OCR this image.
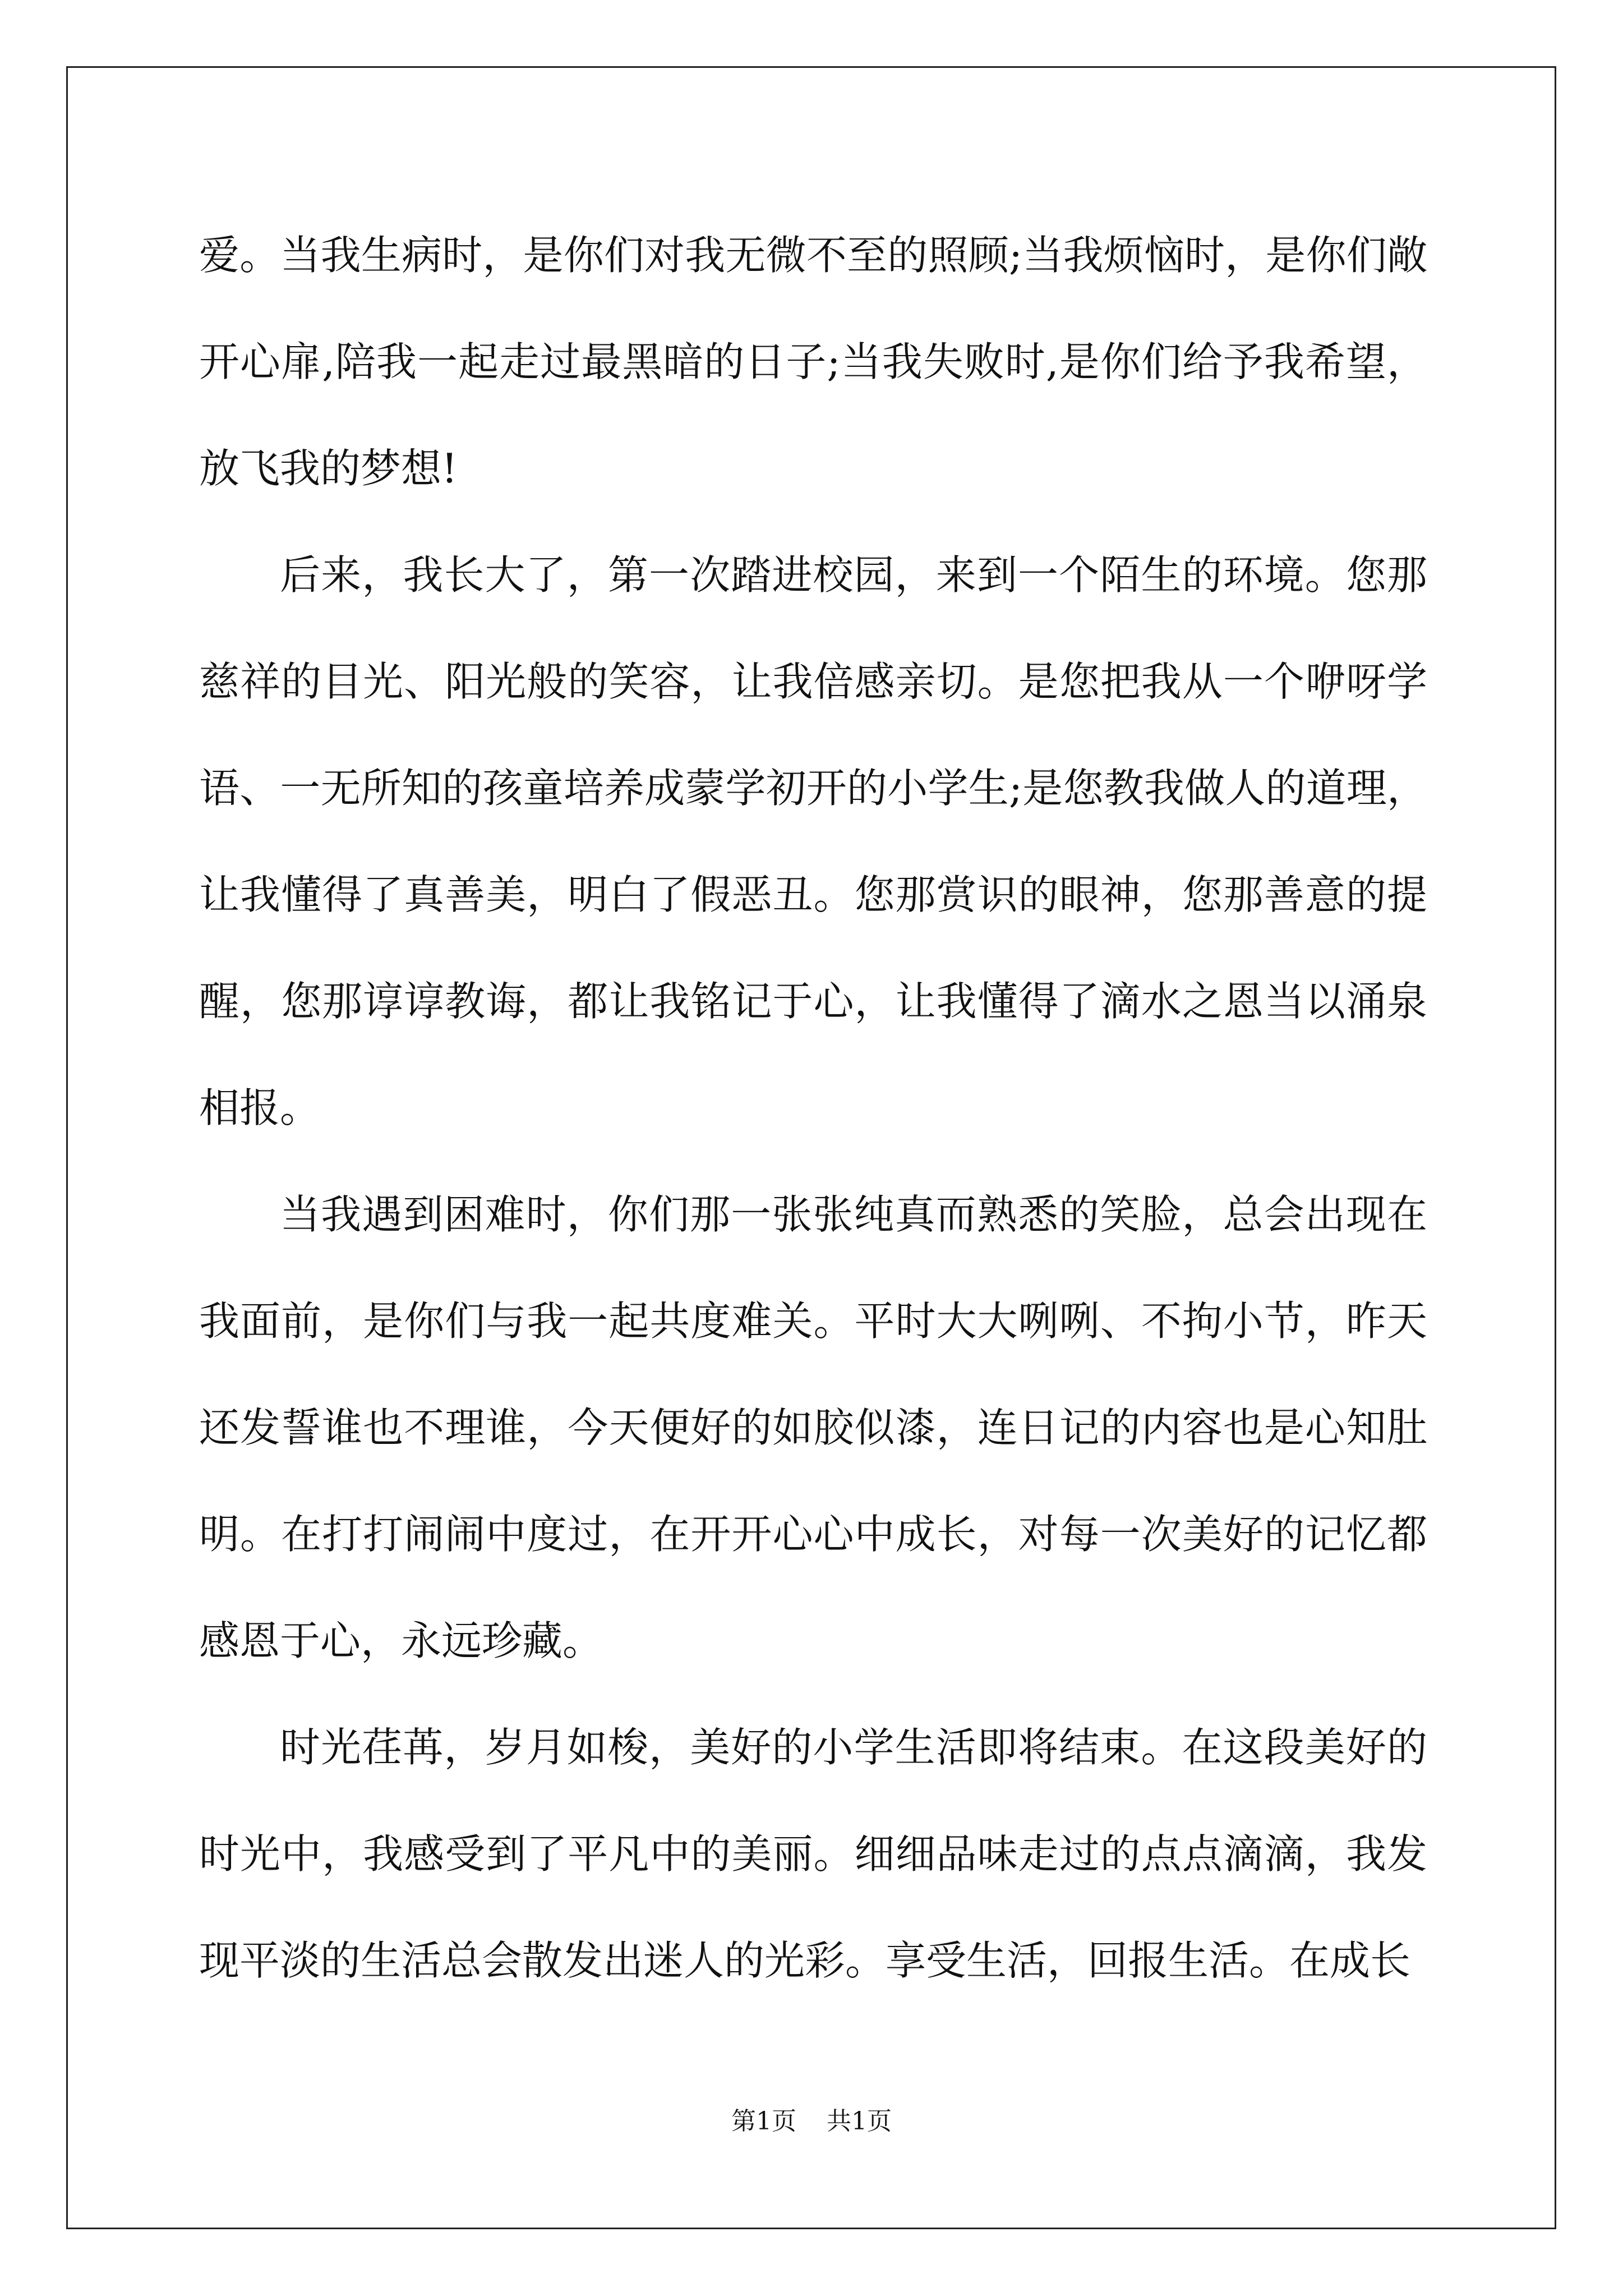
爱。当我生病时，是你们对我无微不至的照顾;当我烦恼时，是你们敞开心扉,陪我一起走过最黑暗的日子;当我失败时,是你们给予我希望，放飞我的梦想!

后来，我长大了，第一次踏进校园，来到一个陌生的环境。您那慈祥的目光、阳光般的笑容，让我倍感亲切。是您把我从一个咿呀学语、一无所知的孩童培养成蒙学初开的小学生;是您教我做人的道理，让我懂得了真善美，明白了假恶丑。您那赏识的眼神，您那善意的提醒，您那谆谆教诲，都让我铭记于心，让我懂得了滴水之恩当以涌泉相报。

当我遇到困难时，你们那一张张纯真而熟悉的笑脸，总会出现在我面前，是你们与我一起共度难关。平时大大咧咧、不拘小节，昨天还发誓谁也不理谁，今天便好的如胶似漆，连日记的内容也是心知肚明。在打打闹闹中度过，在开开心心中成长，对每一次美好的记忆都感恩于心，永远珍藏。

时光荏苒，岁月如梭，美好的小学生活即将结束。在这段美好的时光中，我感受到了平凡中的美丽。细细品味走过的点点滴滴，我发现平淡的生活总会散发出迷人的光彩。享受生活，回报生活。在成长

第1页 共1页
